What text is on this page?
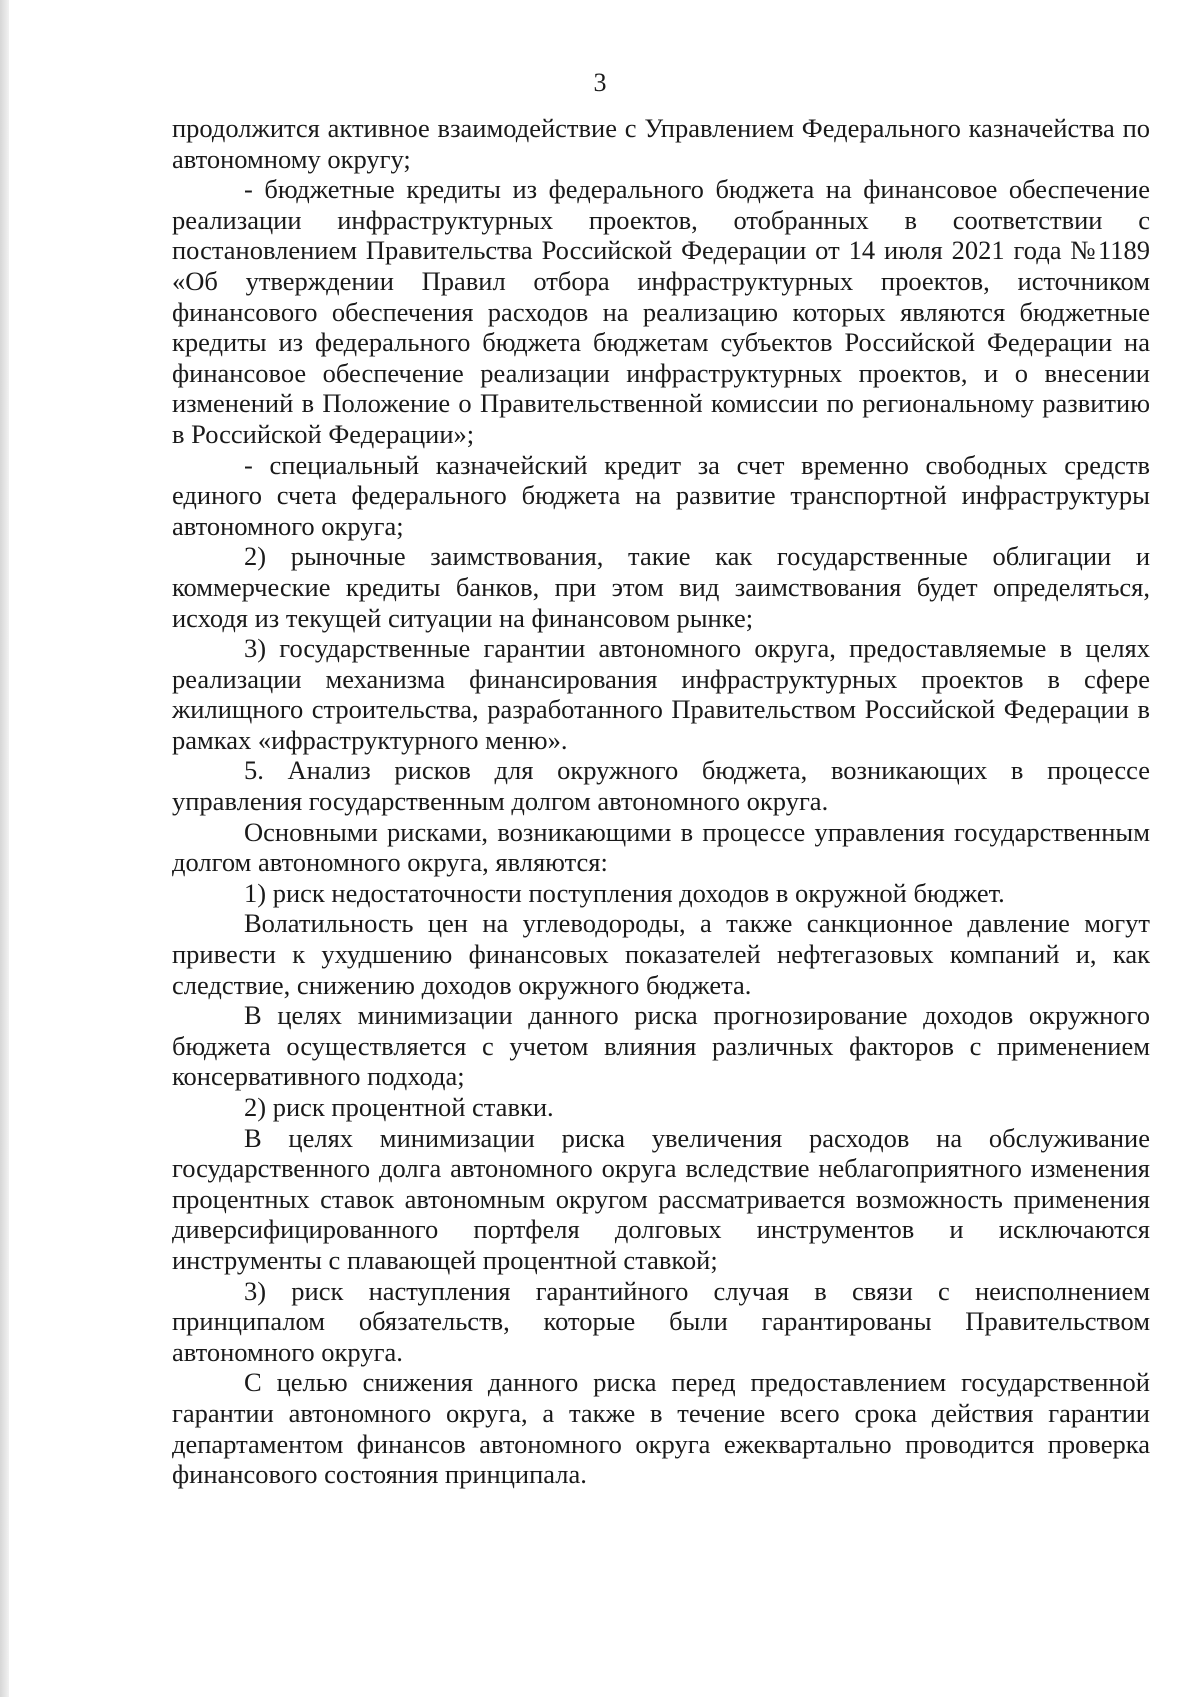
3

продолжится активное взаимодействие с Управлением Федерального казначейства по автономному округу;

- бюджетные кредиты из федерального бюджета на финансовое обеспечение реализации инфраструктурных проектов, отобранных в соответствии с постановлением Правительства Российской Федерации от 14 июля 2021 года №1189 «Об утверждении Правил отбора инфраструктурных проектов, источником финансового обеспечения расходов на реализацию которых являются бюджетные кредиты из федерального бюджета бюджетам субъектов Российской Федерации на финансовое обеспечение реализации инфраструктурных проектов, и о внесении изменений в Положение о Правительственной комиссии по региональному развитию в Российской Федерации»;

- специальный казначейский кредит за счет временно свободных средств единого счета федерального бюджета на развитие транспортной инфраструктуры автономного округа;

2) рыночные заимствования, такие как государственные облигации и коммерческие кредиты банков, при этом вид заимствования будет определяться, исходя из текущей ситуации на финансовом рынке;

3) государственные гарантии автономного округа, предоставляемые в целях реализации механизма финансирования инфраструктурных проектов в сфере жилищного строительства, разработанного Правительством Российской Федерации в рамках «ифраструктурного меню».

5. Анализ рисков для окружного бюджета, возникающих в процессе управления государственным долгом автономного округа.

Основными рисками, возникающими в процессе управления государственным долгом автономного округа, являются:

1) риск недостаточности поступления доходов в окружной бюджет.

Волатильность цен на углеводороды, а также санкционное давление могут привести к ухудшению финансовых показателей нефтегазовых компаний и, как следствие, снижению доходов окружного бюджета.

В целях минимизации данного риска прогнозирование доходов окружного бюджета осуществляется с учетом влияния различных факторов с применением консервативного подхода;

2) риск процентной ставки.

В целях минимизации риска увеличения расходов на обслуживание государственного долга автономного округа вследствие неблагоприятного изменения процентных ставок автономным округом рассматривается возможность применения диверсифицированного портфеля долговых инструментов и исключаются инструменты с плавающей процентной ставкой;

3) риск наступления гарантийного случая в связи с неисполнением принципалом обязательств, которые были гарантированы Правительством автономного округа.

С целью снижения данного риска перед предоставлением государственной гарантии автономного округа, а также в течение всего срока действия гарантии департаментом финансов автономного округа ежеквартально проводится проверка финансового состояния принципала.
